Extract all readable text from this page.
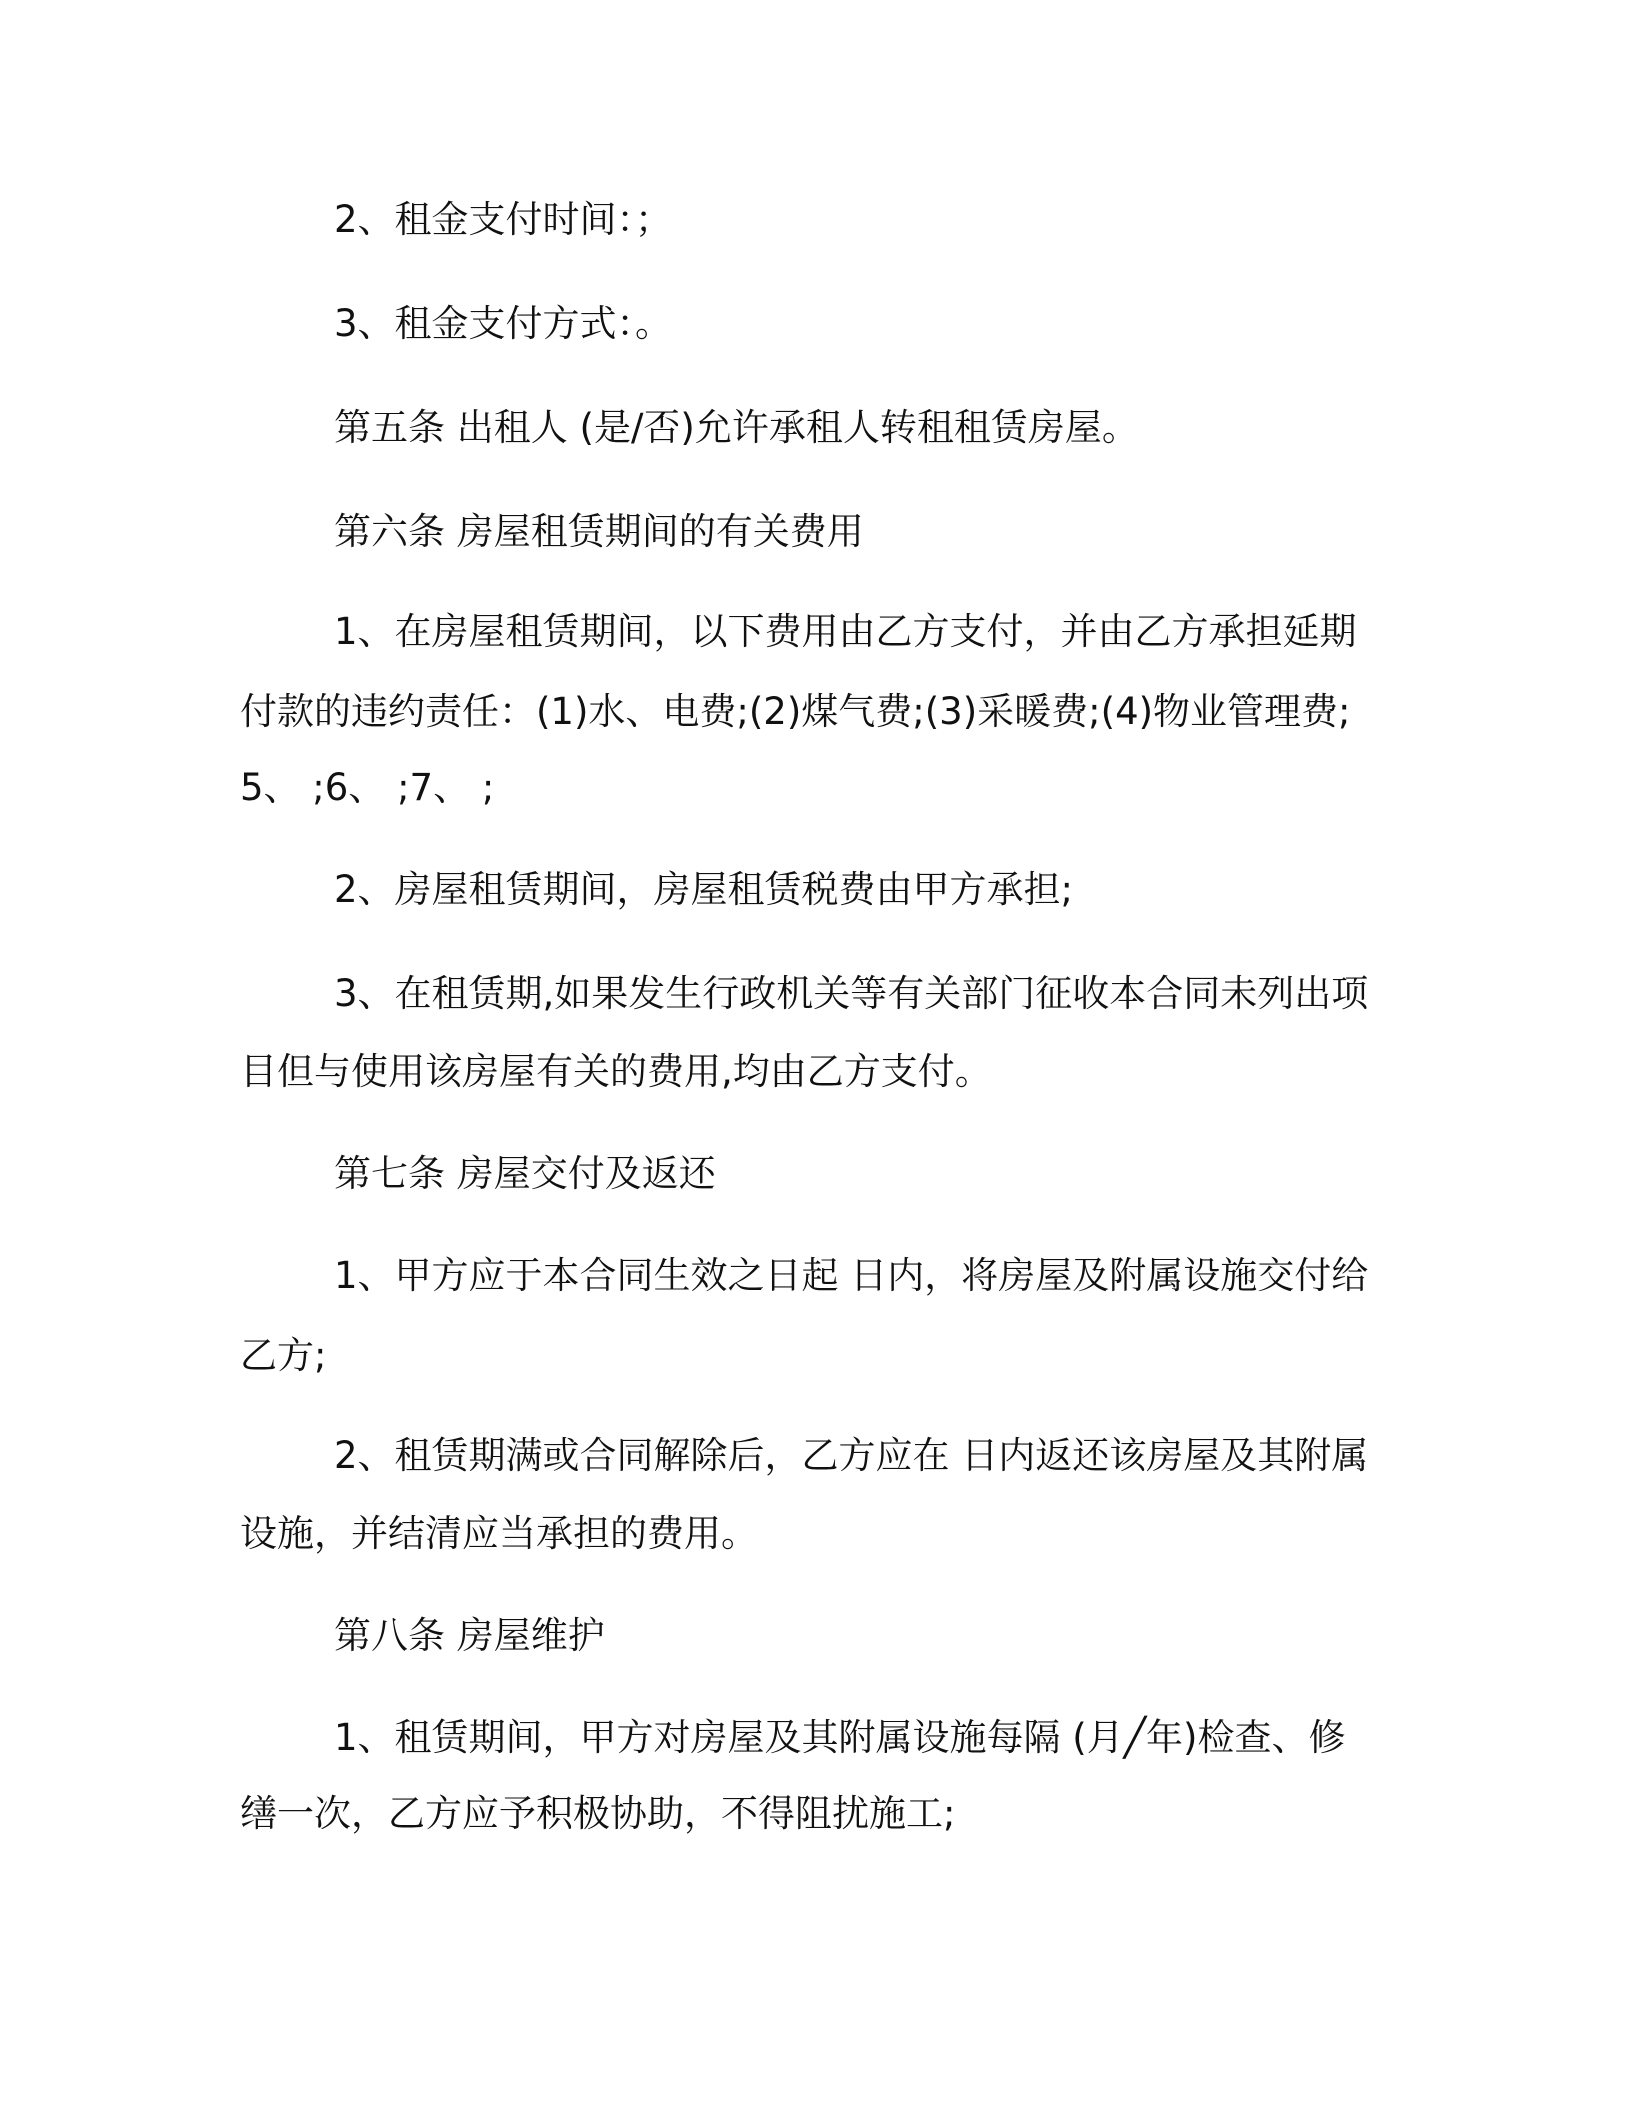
2、租金支付时间：；
3、租金支付方式：。
第五条 出租人 (是/否)允许承租人转租租赁房屋。
第六条 房屋租赁期间的有关费用
1、在房屋租赁期间，以下费用由乙方支付，并由乙方承担延期
付款的违约责任：(1)水、电费;(2)煤气费;(3)采暖费;(4)物业管理费;
5、 ;6、 ;7、 ;
2、房屋租赁期间，房屋租赁税费由甲方承担;
3、在租赁期,如果发生行政机关等有关部门征收本合同未列出项
目但与使用该房屋有关的费用,均由乙方支付。
第七条 房屋交付及返还
1、甲方应于本合同生效之日起 日内，将房屋及附属设施交付给
乙方;
2、租赁期满或合同解除后，乙方应在 日内返还该房屋及其附属
设施，并结清应当承担的费用。
第八条 房屋维护
1、租赁期间，甲方对房屋及其附属设施每隔 (月╱年)检查、修
缮一次，乙方应予积极协助，不得阻扰施工;
